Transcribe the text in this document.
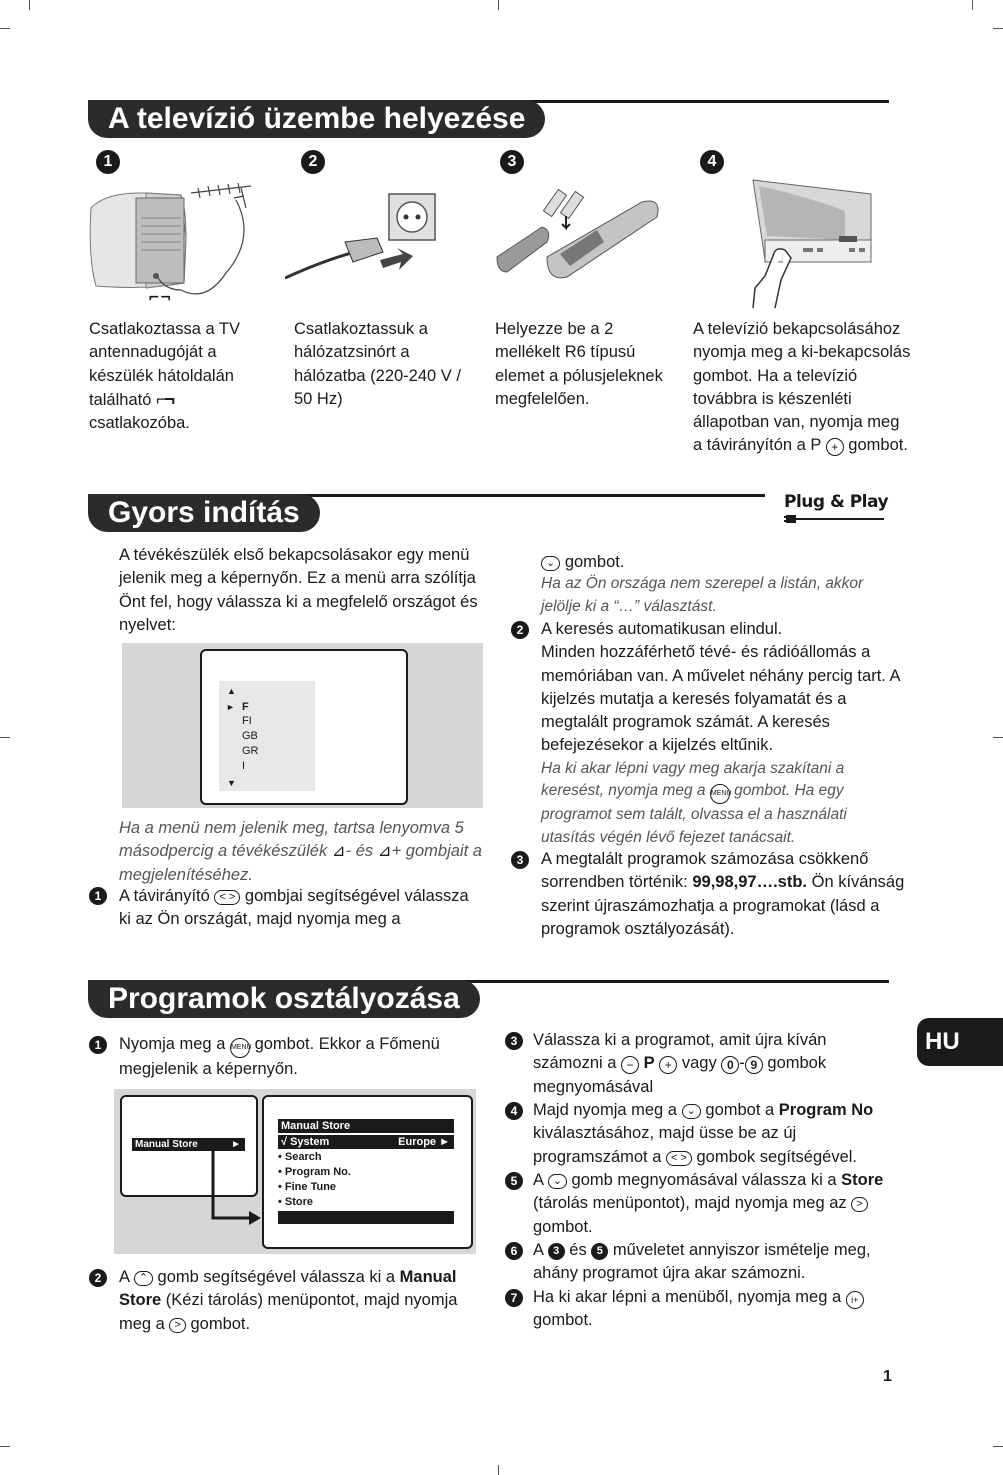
A televízió üzembe helyezése
1	2	3	4
⌐¬
Csatlakoztassa a TV antennadugóját a készülék hátoldalán található ⌐¬ csatlakozóba.
Csatlakoztassuk a hálózatzsinórt a hálózatba (220-240 V / 50 Hz)
Helyezze be a 2 mellékelt R6 típusú elemet a pólusjeleknek megfelelően.
A televízió bekapcsolásához nyomja meg a ki-bekapcsolás gombot. Ha a televízió továbbra is készenléti állapotban van, nyomja meg a távirányítón a P + gombot.
Gyors indítás	Plug & Play
A tévékészülék első bekapcsolásakor egy menü jelenik meg a képernyőn. Ez a menü arra szólítja Önt fel, hogy válassza ki a megfelelő országot és nyelvet:
▲
► F
FI
GB
GR
I
▼
Ha a menü nem jelenik meg, tartsa lenyomva 5 másodpercig a tévékészülék ⊿- és ⊿+ gombjait a megjelenítéséhez.
1	A távirányító < > gombjai segítségével válassza ki az Ön országát, majd nyomja meg a
⌄ gombot.
Ha az Ön országa nem szerepel a listán, akkor jelölje ki a “…” választást.
2	A keresés automatikusan elindul.
Minden hozzáférhető tévé- és rádióállomás a memóriában van. A művelet néhány percig tart. A kijelzés mutatja a keresés folyamatát és a megtalált programok számát. A keresés befejezésekor a kijelzés eltűnik.
Ha ki akar lépni vagy meg akarja szakítani a keresést, nyomja meg a MENU gombot. Ha egy programot sem talált, olvassa el a használati utasítás végén lévő fejezet tanácsait.
3	A megtalált programok számozása csökkenő sorrendben történik: 99,98,97….stb. Ön kívánság szerint újraszámozhatja a programokat (lásd a programok osztályozását).
Programok osztályozása
HU
1	Nyomja meg a MENU gombot. Ekkor a Főmenü megjelenik a képernyőn.
Manual Store	►
Manual Store
√ System	Europe ►
• Search
• Program No.
• Fine Tune
• Store
2	A ⌃ gomb segítségével válassza ki a Manual Store (Kézi tárolás) menüpontot, majd nyomja meg a > gombot.
3 Válassza ki a programot, amit újra kíván számozni a − P + vagy 0 - 9 gombok megnyomásával
4 Majd nyomja meg a ⌄ gombot a Program No kiválasztásához, majd üsse be az új programszámot a < > gombok segítségével.
5 A ⌄ gomb megnyomásával válassza ki a Store (tárolás menüpontot), majd nyomja meg az > gombot.
6 A 3 és 5 műveletet annyiszor ismételje meg, ahány programot újra akar számozni.
7 Ha ki akar lépni a menüből, nyomja meg a i+ gombot.
1
